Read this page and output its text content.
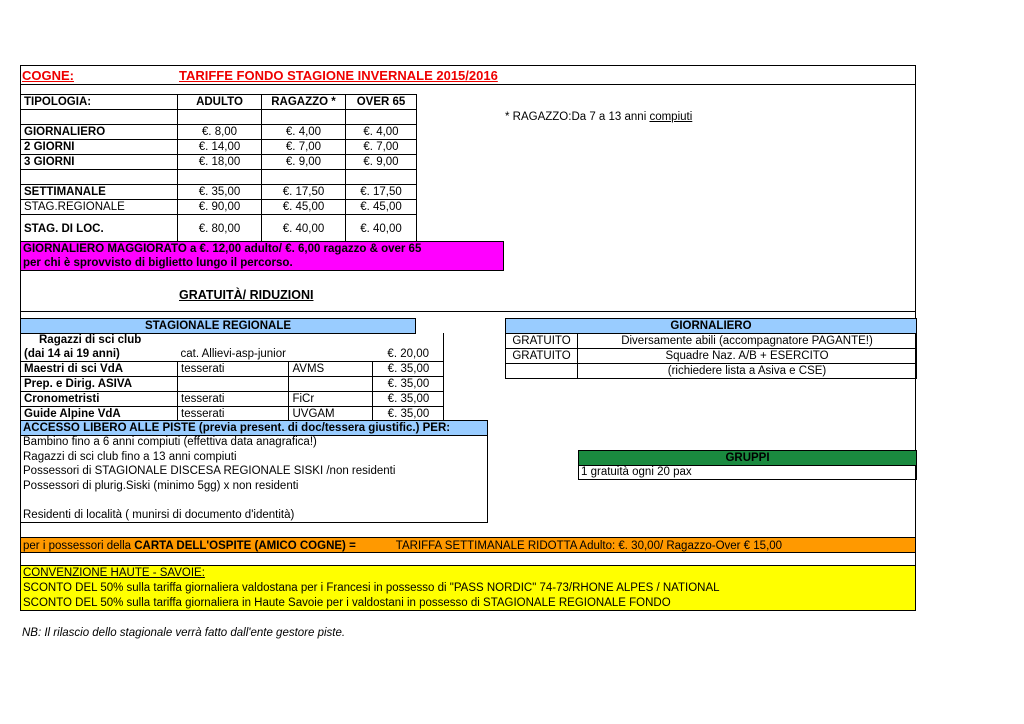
COGNE:	TARIFFE FONDO STAGIONE INVERNALE 2015/2016
TIPOLOGIA:	ADULTO	RAGAZZO *	OVER 65

GIORNALIERO	€. 8,00	€. 4,00	€. 4,00
2 GIORNI	€. 14,00	€. 7,00	€. 7,00
3 GIORNI	€. 18,00	€. 9,00	€. 9,00

SETTIMANALE	€. 35,00	€. 17,50	€. 17,50
STAG.REGIONALE	€. 90,00	€. 45,00	€. 45,00
STAG. DI LOC.	€. 80,00	€. 40,00	€. 40,00
* RAGAZZO:Da 7 a 13 anni compiuti
GIORNALIERO MAGGIORATO a €. 12,00 adulto/ €. 6,00 ragazzo & over 65
per chi è sprovvisto di biglietto lungo il percorso.
GRATUITÀ/ RIDUZIONI
STAGIONALE REGIONALE
Ragazzi di sci club			
(dai 14 ai 19 anni)	cat. Allievi-asp-junior		€. 20,00
Maestri di sci VdA	tesserati	AVMS	€. 35,00
Prep. e Dirig. ASIVA			€. 35,00
Cronometristi	tesserati	FiCr	€. 35,00
Guide Alpine VdA	tesserati	UVGAM	€. 35,00
GIORNALIERO
GRATUITO	Diversamente abili (accompagnatore PAGANTE!)
GRATUITO	Squadre Naz. A/B + ESERCITO
	(richiedere lista a Asiva e CSE)
ACCESSO LIBERO ALLE PISTE (previa present. di doc/tessera giustific.) PER:
Bambino fino a 6 anni compiuti (effettiva data anagrafica!)
Ragazzi di sci club fino a 13 anni compiuti
Possessori di STAGIONALE DISCESA REGIONALE SISKI /non residenti
Possessori di plurig.Siski (minimo 5gg) x non residenti
Residenti di località ( munirsi di documento d'identità)
GRUPPI
1 gratuità ogni 20 pax
per i possessori della CARTA DELL'OSPITE (AMICO COGNE) =	TARIFFA SETTIMANALE RIDOTTA Adulto: €. 30,00/ Ragazzo-Over € 15,00
CONVENZIONE HAUTE - SAVOIE:
SCONTO DEL 50% sulla tariffa giornaliera valdostana per i Francesi in possesso di "PASS NORDIC" 74-73/RHONE ALPES / NATIONAL
SCONTO DEL 50% sulla tariffa giornaliera in Haute Savoie per i valdostani in possesso di STAGIONALE REGIONALE FONDO
NB: Il rilascio dello stagionale verrà fatto dall'ente gestore piste.
